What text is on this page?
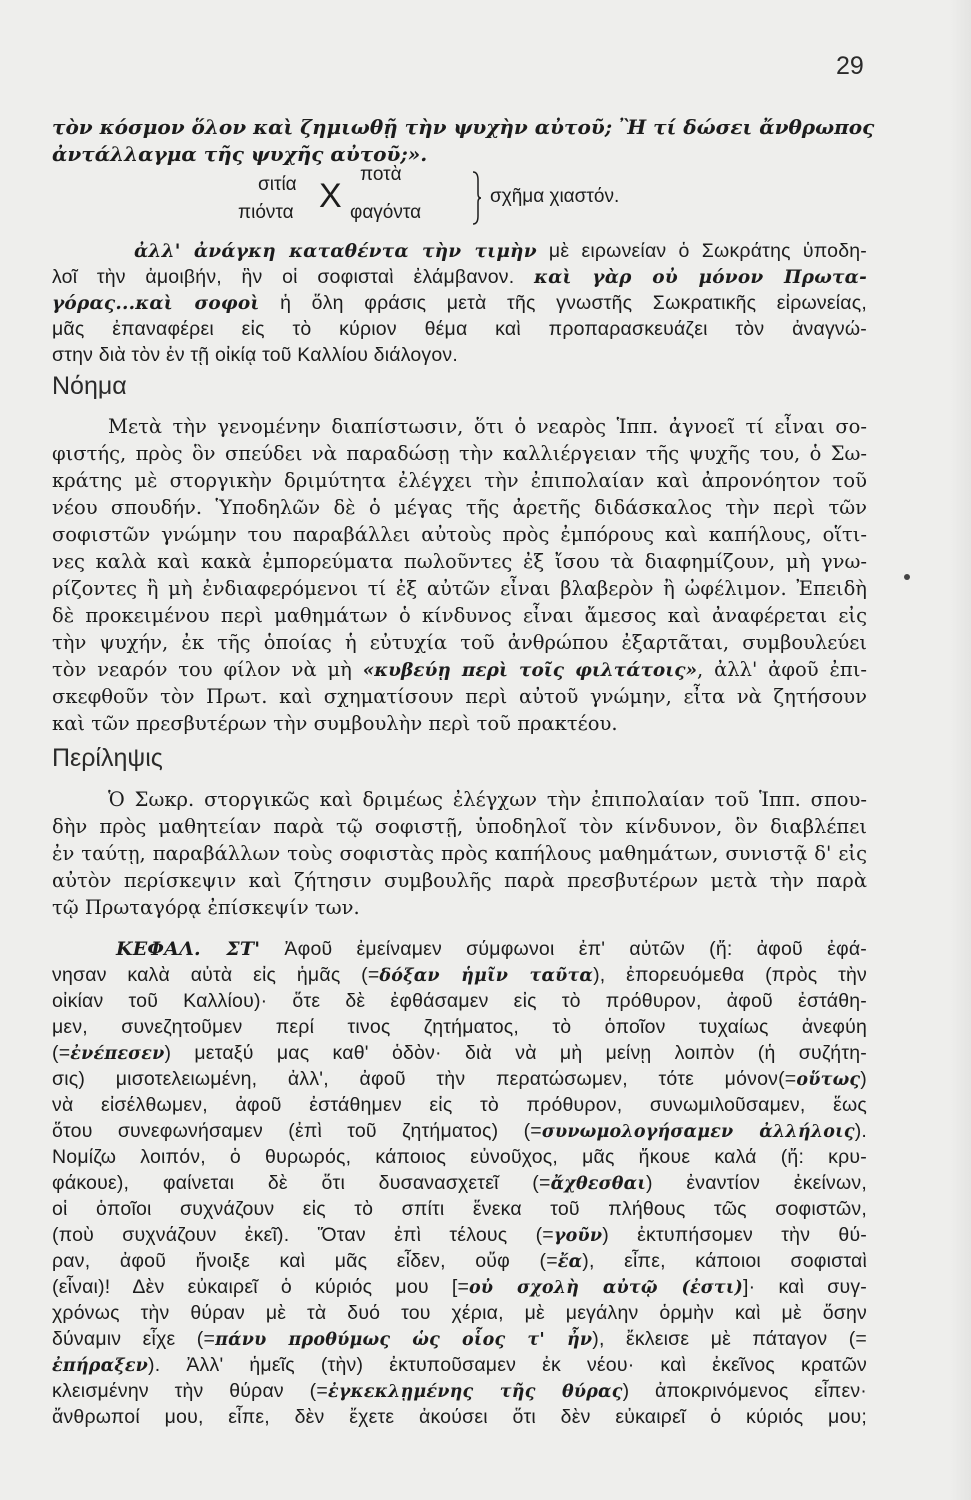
29
τὸν κόσμον ὅλον καὶ ζημιωθῇ τὴν ψυχὴν αὐτοῦ; Ἢ τί δώσει ἄνθρωπος
ἀντάλλαγμα τῆς ψυχῆς αὐτοῦ;».
σιτία	ποτὰ
πιόντα	φαγόντα
X	σχῆμα χιαστόν.
ἀλλ' ἀνάγκη καταθέντα τὴν τιμὴν μὲ ειρωνείαν ὁ Σωκράτης ὑποδη-
λοῖ τὴν ἀμοιβήν, ἣν οἱ σοφισταὶ ἐλάμβανον. καὶ γὰρ οὐ μόνον Πρωτα-
γόρας...καὶ σοφοὶ ἡ ὅλη φράσις μετὰ τῆς γνωστῆς Σωκρατικῆς εἰρωνείας,
μᾶς ἐπαναφέρει εἰς τὸ κύριον θέμα καὶ προπαρασκευάζει τὸν ἀναγνώ-
στην διὰ τὸν ἐν τῇ οἰκίᾳ τοῦ Καλλίου διάλογον.
Νόημα
Μετὰ τὴν γενομένην διαπίστωσιν, ὅτι ὁ νεαρὸς Ἱππ. ἀγνοεῖ τί εἶναι σο-
φιστής, πρὸς ὃν σπεύδει νὰ παραδώσῃ τὴν καλλιέργειαν τῆς ψυχῆς του, ὁ Σω-
κράτης μὲ στοργικὴν δριμύτητα ἐλέγχει τὴν ἐπιπολαίαν καὶ ἀπρονόητον τοῦ
νέου σπουδήν. Ὑποδηλῶν δὲ ὁ μέγας τῆς ἀρετῆς διδάσκαλος τὴν περὶ τῶν
σοφιστῶν γνώμην του παραβάλλει αὐτοὺς πρὸς ἐμπόρους καὶ καπήλους, οἵτι-
νες καλὰ καὶ κακὰ ἐμπορεύματα πωλοῦντες ἐξ ἴσου τὰ διαφημίζουν, μὴ γνω-
ρίζοντες ἢ μὴ ἐνδιαφερόμενοι τί ἐξ αὐτῶν εἶναι βλαβερὸν ἢ ὠφέλιμον. Ἐπειδὴ
δὲ προκειμένου περὶ μαθημάτων ὁ κίνδυνος εἶναι ἄμεσος καὶ ἀναφέρεται εἰς
τὴν ψυχήν, ἐκ τῆς ὁποίας ἡ εὐτυχία τοῦ ἀνθρώπου ἐξαρτᾶται, συμβουλεύει
τὸν νεαρόν του φίλον νὰ μὴ «κυβεύῃ περὶ τοῖς φιλτάτοις», ἀλλ' ἀφοῦ ἐπι-
σκεφθοῦν τὸν Πρωτ. καὶ σχηματίσουν περὶ αὐτοῦ γνώμην, εἶτα νὰ ζητήσουν
καὶ τῶν πρεσβυτέρων τὴν συμβουλὴν περὶ τοῦ πρακτέου.
Περίληψις
Ὁ Σωκρ. στοργικῶς καὶ δριμέως ἐλέγχων τὴν ἐπιπολαίαν τοῦ Ἱππ. σπου-
δὴν πρὸς μαθητείαν παρὰ τῷ σοφιστῇ, ὑποδηλοῖ τὸν κίνδυνον, ὃν διαβλέπει
ἐν ταύτῃ, παραβάλλων τοὺς σοφιστὰς πρὸς καπήλους μαθημάτων, συνιστᾷ δ' εἰς
αὐτὸν περίσκεψιν καὶ ζήτησιν συμβουλῆς παρὰ πρεσβυτέρων μετὰ τὴν παρὰ
τῷ Πρωταγόρᾳ ἐπίσκεψίν των.
ΚΕΦΑΛ. ΣΤ' Ἀφοῦ ἐμείναμεν σύμφωνοι ἐπ' αὐτῶν (ἤ: ἀφοῦ ἐφά-
νησαν καλὰ αὐτὰ εἰς ἡμᾶς (=δόξαν ἡμῖν ταῦτα), ἐπορευόμεθα (πρὸς τὴν
οἰκίαν τοῦ Καλλίου)· ὅτε δὲ ἐφθάσαμεν εἰς τὸ πρόθυρον, ἀφοῦ ἐστάθη-
μεν, συνεζητοῦμεν περί τινος ζητήματος, τὸ ὁποῖον τυχαίως ἀνεφύη
(=ἐνέπεσεν) μεταξύ μας καθ' ὁδὸν· διὰ νὰ μὴ μείνῃ λοιπὸν (ἡ συζήτη-
σις) μισοτελειωμένη, ἀλλ', ἀφοῦ τὴν περατώσωμεν, τότε μόνον(=οὕτως)
νὰ εἰσέλθωμεν, ἀφοῦ ἐστάθημεν εἰς τὸ πρόθυρον, συνωμιλοῦσαμεν, ἕως
ὅτου συνεφωνήσαμεν (ἐπὶ τοῦ ζητήματος) (=συνωμολογήσαμεν ἀλλήλοις).
Νομίζω λοιπόν, ὁ θυρωρός, κάποιος εὐνοῦχος, μᾶς ἤκουε καλά (ἤ: κρυ-
φάκουε), φαίνεται δὲ ὅτι δυσανασχετεῖ (=ἄχθεσθαι) ἐναντίον ἐκείνων,
οἱ ὁποῖοι συχνάζουν εἰς τὸ σπίτι ἕνεκα τοῦ πλήθους τῶς σοφιστῶν,
(ποὺ συχνάζουν ἐκεῖ). Ὅταν ἐπὶ τέλους (=γοῦν) ἐκτυπήσομεν τὴν θύ-
ραν, ἀφοῦ ἤνοιξε καὶ μᾶς εἶδεν, οὔφ (=ἔα), εἶπε, κάποιοι σοφισταὶ
(εἶναι)! Δὲν εὐκαιρεῖ ὁ κύριός μου [=οὐ σχολὴ αὐτῷ (ἐστι)]· καὶ συγ-
χρόνως τὴν θύραν μὲ τὰ δυό του χέρια, μὲ μεγάλην ὁρμὴν καὶ μὲ ὅσην
δύναμιν εἶχε (=πάνυ προθύμως ὡς οἷος τ' ἦν), ἔκλεισε μὲ πάταγον (=
ἐπήραξεν). Ἀλλ' ἡμεῖς (τὴν) ἐκτυποῦσαμεν ἐκ νέου· καὶ ἐκεῖνος κρατῶν
κλεισμένην τὴν θύραν (=ἐγκεκλῃμένης τῆς θύρας) ἀποκρινόμενος εἶπεν·
ἄνθρωποί μου, εἶπε, δὲν ἔχετε ἀκούσει ὅτι δὲν εὐκαιρεῖ ὁ κύριός μου;
